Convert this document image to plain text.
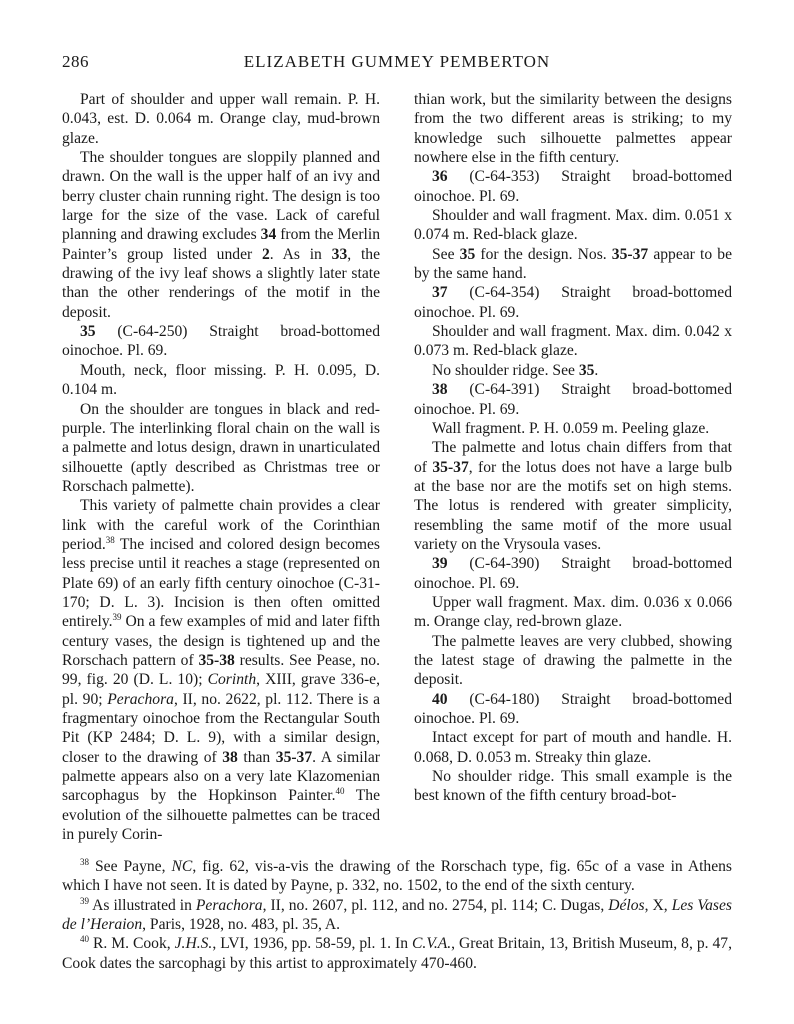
286	ELIZABETH GUMMEY PEMBERTON

Part of shoulder and upper wall remain. P. H. 0.043, est. D. 0.064 m. Orange clay, mud-brown glaze.

The shoulder tongues are sloppily planned and drawn. On the wall is the upper half of an ivy and berry cluster chain running right. The design is too large for the size of the vase. Lack of careful planning and drawing excludes 34 from the Merlin Painter’s group listed under 2. As in 33, the drawing of the ivy leaf shows a slightly later state than the other renderings of the motif in the deposit.

35 (C-64-250) Straight broad-bottomed oinochoe. Pl. 69.

Mouth, neck, floor missing. P. H. 0.095, D. 0.104 m.

On the shoulder are tongues in black and red-purple. The interlinking floral chain on the wall is a palmette and lotus design, drawn in unarticulated silhouette (aptly described as Christmas tree or Rorschach palmette).

This variety of palmette chain provides a clear link with the careful work of the Corinthian period.$^{38}$ The incised and colored design becomes less precise until it reaches a stage (represented on Plate 69) of an early fifth century oinochoe (C-31-170; D. L. 3). Incision is then often omitted entirely.$^{39}$ On a few examples of mid and later fifth century vases, the design is tightened up and the Rorschach pattern of 35-38 results. See Pease, no. 99, fig. 20 (D. L. 10); Corinth, XIII, grave 336-e, pl. 90; Perachora, II, no. 2622, pl. 112. There is a fragmentary oinochoe from the Rectangular South Pit (KP 2484; D. L. 9), with a similar design, closer to the drawing of 38 than 35-37. A similar palmette appears also on a very late Klazomenian sarcophagus by the Hopkinson Painter.$^{40}$ The evolution of the silhouette palmettes can be traced in purely Corin-

thian work, but the similarity between the designs from the two different areas is striking; to my knowledge such silhouette palmettes appear nowhere else in the fifth century.

36 (C-64-353) Straight broad-bottomed oinochoe. Pl. 69.

Shoulder and wall fragment. Max. dim. 0.051 x 0.074 m. Red-black glaze.

See 35 for the design. Nos. 35-37 appear to be by the same hand.

37 (C-64-354) Straight broad-bottomed oinochoe. Pl. 69.

Shoulder and wall fragment. Max. dim. 0.042 x 0.073 m. Red-black glaze.

No shoulder ridge. See 35.

38 (C-64-391) Straight broad-bottomed oinochoe. Pl. 69.

Wall fragment. P. H. 0.059 m. Peeling glaze.

The palmette and lotus chain differs from that of 35-37, for the lotus does not have a large bulb at the base nor are the motifs set on high stems. The lotus is rendered with greater simplicity, resembling the same motif of the more usual variety on the Vrysoula vases.

39 (C-64-390) Straight broad-bottomed oinochoe. Pl. 69.

Upper wall fragment. Max. dim. 0.036 x 0.066 m. Orange clay, red-brown glaze.

The palmette leaves are very clubbed, showing the latest stage of drawing the palmette in the deposit.

40 (C-64-180) Straight broad-bottomed oinochoe. Pl. 69.

Intact except for part of mouth and handle. H. 0.068, D. 0.053 m. Streaky thin glaze.

No shoulder ridge. This small example is the best known of the fifth century broad-bot-

$^{38}$ See Payne, NC, fig. 62, vis-a-vis the drawing of the Rorschach type, fig. 65c of a vase in Athens which I have not seen. It is dated by Payne, p. 332, no. 1502, to the end of the sixth century.

$^{39}$ As illustrated in Perachora, II, no. 2607, pl. 112, and no. 2754, pl. 114; C. Dugas, Délos, X, Les Vases de l’Heraion, Paris, 1928, no. 483, pl. 35, A.

$^{40}$ R. M. Cook, J.H.S., LVI, 1936, pp. 58-59, pl. 1. In C.V.A., Great Britain, 13, British Museum, 8, p. 47, Cook dates the sarcophagi by this artist to approximately 470-460.
